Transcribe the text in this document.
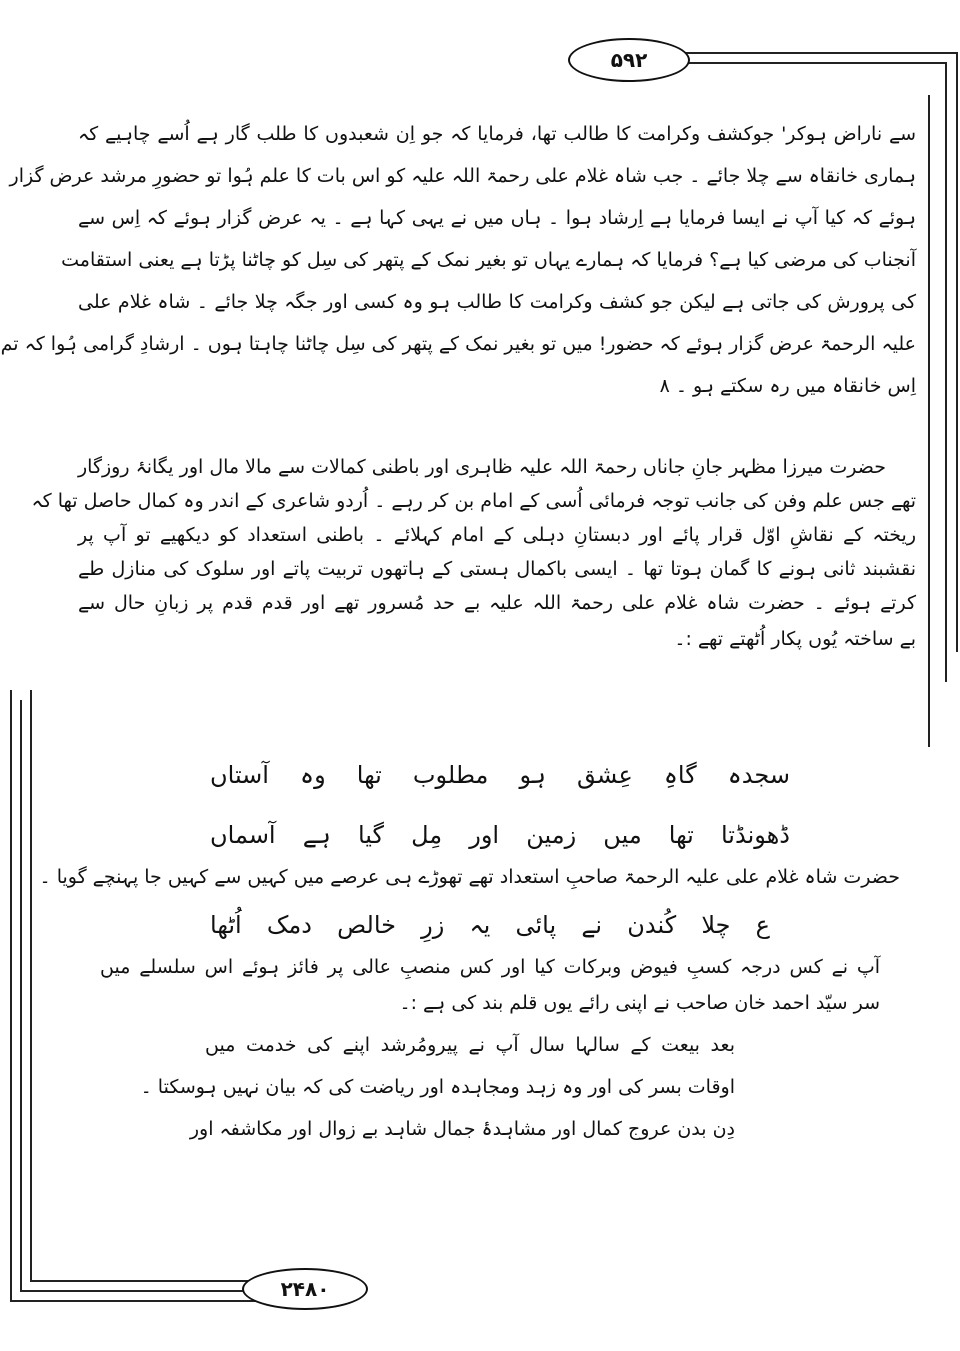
۵۹۲
۲۴۸۰
سے ناراض ہوکر' جوکشف وکرامت کا طالب تھا، فرمایا کہ جو اِن شعبدوں کا طلب گار ہے اُسے چاہیے کہ
ہماری خانقاہ سے چلا جائے ۔ جب شاہ غلام علی رحمۃ اللہ علیہ کو اس بات کا علم ہُوا تو حضورِ مرشد عرض گزار
ہوئے کہ کیا آپ نے ایسا فرمایا ہے اِرشاد ہوا ۔ ہاں میں نے یہی کہا ہے ۔ یہ عرض گزار ہوئے کہ اِس سے
آنجناب کی مرضی کیا ہے؟ فرمایا کہ ہمارے یہاں تو بغیر نمک کے پتھر کی سِل کو چاٹنا پڑتا ہے یعنی استقامت
کی پرورش کی جاتی ہے لیکن جو کشف وکرامت کا طالب ہو وہ کسی اور جگہ چلا جائے ۔ شاہ غلام علی
علیہ الرحمۃ عرض گزار ہوئے کہ حضور! میں تو بغیر نمک کے پتھر کی سِل چاٹنا چاہتا ہوں ۔ ارشادِ گرامی ہُوا کہ تم
اِس خانقاہ میں رہ سکتے ہو ۔ ۸
حضرت میرزا مظہر جانِ جاناں رحمۃ اللہ علیہ ظاہری اور باطنی کمالات سے مالا مال اور یگانۂ روزگار
تھے جس علم وفن کی جانب توجہ فرمائی اُسی کے امام بن کر رہے ۔ اُردو شاعری کے اندر وہ کمال حاصل تھا کہ
ریختہ کے نقاشِ اوّل قرار پائے اور دبستانِ دہلی کے امام کہلائے ۔ باطنی استعداد کو دیکھیے تو آپ پر
نقشبند ثانی ہونے کا گمان ہوتا تھا ۔ ایسی باکمال ہستی کے ہاتھوں تربیت پاتے اور سلوک کی منازل طے
کرتے ہوئے ۔ حضرت شاہ غلام علی رحمۃ اللہ علیہ بے حد مُسرور تھے اور قدم قدم پر زبانِ حال سے
بے ساختہ یُوں پکار اُٹھتے تھے :۔
سجدہ گاہِ عِشق ہو مطلوب تھا وہ آستاں
ڈھونڈتا تھا میں زمین اور مِل گیا ہے آسماں
حضرت شاہ غلام علی علیہ الرحمۃ صاحبِ استعداد تھے تھوڑے ہی عرصے میں کہیں سے کہیں جا پہنچے گویا ۔
ع چلا کُندن نے پائی یہ زرِ خالص دمک اُٹھا
آپ نے کس درجہ کسبِ فیوض وبرکات کیا اور کس منصبِ عالی پر فائز ہوئے اس سلسلے میں
سر سیّد احمد خان صاحب نے اپنی رائے یوں قلم بند کی ہے :۔
بعد بیعت کے سالہا سال آپ نے پیرومُرشد اپنے کی خدمت میں
اوقات بسر کی اور وہ زہد ومجاہدہ اور ریاضت کی کہ بیان نہیں ہوسکتا ۔
دِن بدن عروج کمال اور مشاہدۂ جمال شاہد بے زوال اور مکاشفہ اور
